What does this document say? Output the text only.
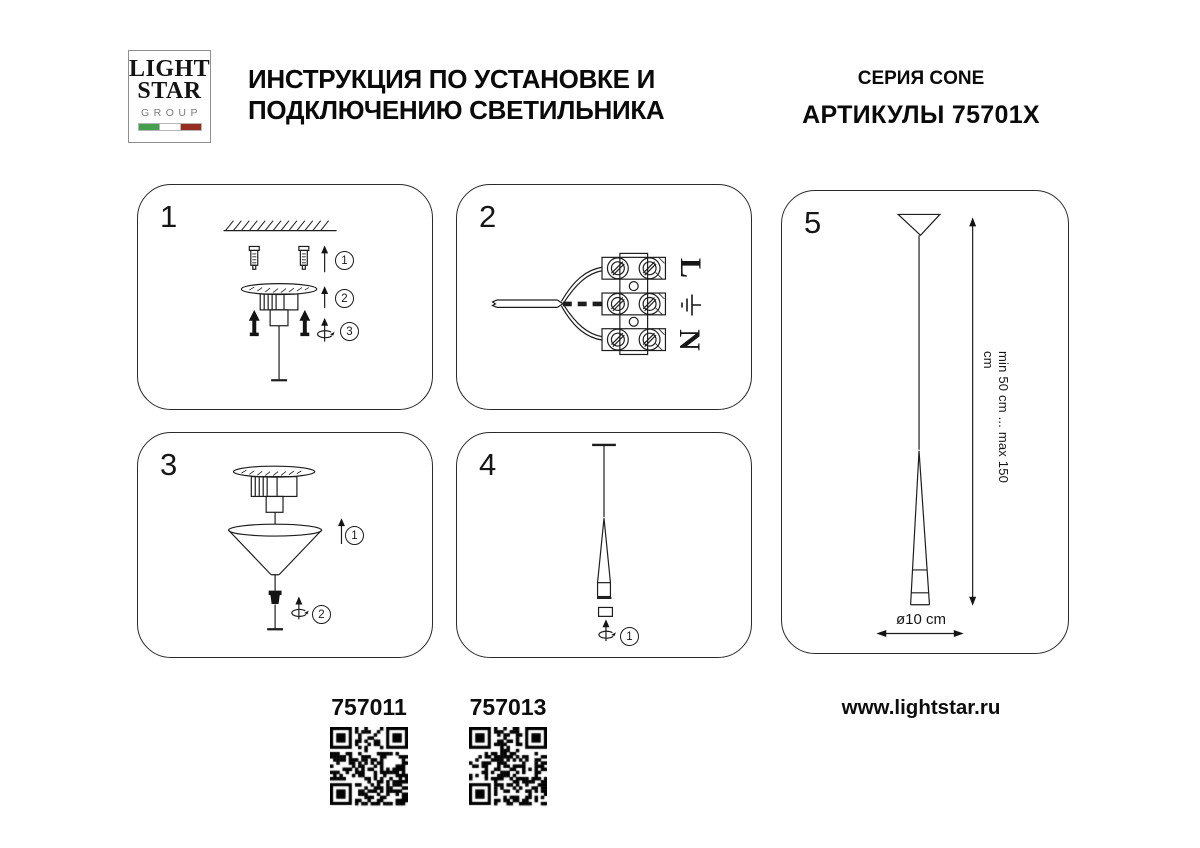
LIGHT
STAR
GROUP
ИНСТРУКЦИЯ ПО УСТАНОВКЕ И
ПОДКЛЮЧЕНИЮ СВЕТИЛЬНИКА
СЕРИЯ CONE
АРТИКУЛЫ 75701X
1
1
2
3
2
L
N
3
1
2
4
1
5
min 50 cm ... max 150 cm
ø10 cm
757011	757013	www.lightstar.ru
